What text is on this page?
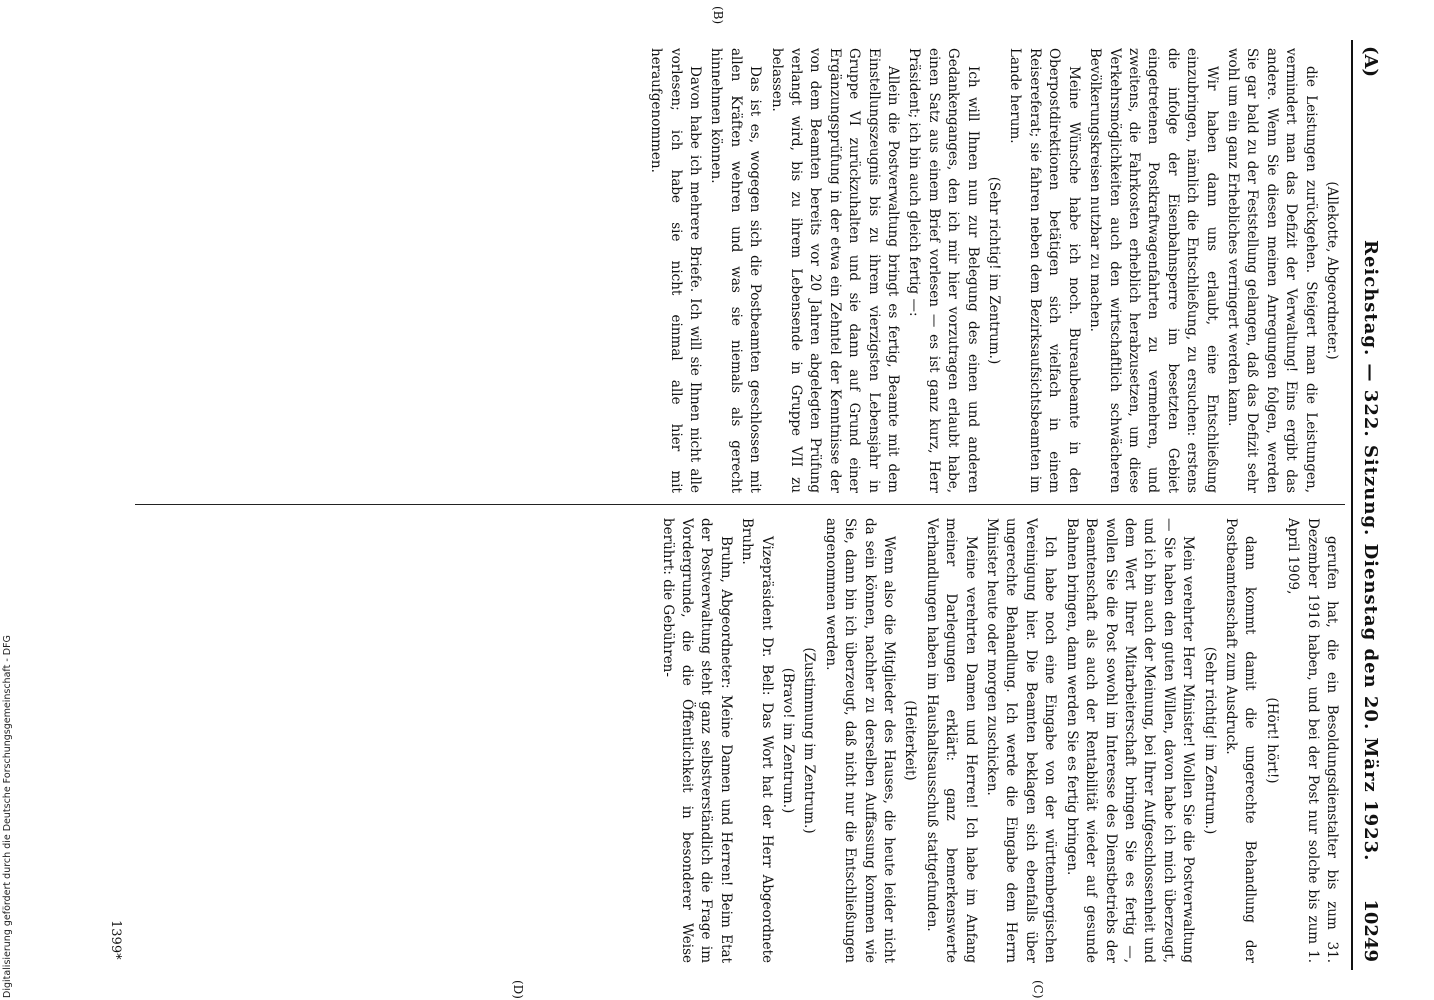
(A)
Reichstag. — 322. Sitzung. Dienstag den 20. März 1923.
10249

(Allekotte, Abgeordneter.)

die Leistungen zurückgehen. Steigert man die Leistungen, vermindert man das Defizit der Verwaltung! Eins ergibt das andere. Wenn Sie diesen meinen Anregungen folgen, werden Sie gar bald zu der Feststellung gelangen, daß das Defizit sehr wohl um ein ganz Erhebliches verringert werden kann.

Wir haben dann uns erlaubt, eine Entschließung einzubringen, nämlich die Entschließung, zu ersuchen: erstens die infolge der Eisenbahnsperre im besetzten Gebiet eingetretenen Postkraftwagenfahrten zu vermehren, und zweitens, die Fahrkosten erheblich herabzusetzen, um diese Verkehrsmöglichkeiten auch den wirtschaftlich schwächeren Bevölkerungskreisen nutzbar zu machen.

Meine Wünsche habe ich noch. Bureaubeamte in den Oberpostdirektionen betätigen sich vielfach in einem Reisereferat; sie fahren neben dem Bezirksaufsichtsbeamten im Lande herum.

(Sehr richtig! im Zentrum.)

Ich will Ihnen nun zur Belegung des einen und anderen Gedankenganges, den ich mir hier vorzutragen erlaubt habe, einen Satz aus einem Brief vorlesen — es ist ganz kurz, Herr Präsident; ich bin auch gleich fertig —:

Allein die Postverwaltung bringt es fertig, Beamte mit dem Einstellungszeugnis bis zu ihrem vierzigsten Lebensjahr in Gruppe VI zurückzuhalten und sie dann auf Grund einer Ergänzungsprüfung in der etwa ein Zehntel der Kenntnisse der von dem Beamten bereits vor 20 Jahren abgelegten Prüfung verlangt wird, bis zu ihrem Lebensende in Gruppe VII zu belassen.

Das ist es, wogegen sich die Postbeamten geschlossen mit allen Kräften wehren und was sie niemals als gerecht hinnehmen können.

Davon habe ich mehrere Briefe. Ich will sie Ihnen nicht alle vorlesen; ich habe sie nicht einmal alle hier mit heraufgenommen.

gerufen hat, die ein Besoldungsdienstalter bis zum 31. Dezember 1916 haben, und bei der Post nur solche bis zum 1. April 1909,

(Hört! hört!)

dann kommt damit die ungerechte Behandlung der Postbeamtenschaft zum Ausdruck.

(Sehr richtig! im Zentrum.)

Mein verehrter Herr Minister! Wollen Sie die Postverwaltung — Sie haben den guten Willen, davon habe ich mich überzeugt, und ich bin auch der Meinung, bei Ihrer Aufgeschlossenheit und dem Wert Ihrer Mitarbeiterschaft bringen Sie es fertig —, wollen Sie die Post sowohl im Interesse des Dienstbetriebs der Beamtenschaft als auch der Rentabilität wieder auf gesunde Bahnen bringen, dann werden Sie es fertig bringen.

Ich habe noch eine Eingabe von der württembergischen Vereinigung hier. Die Beamten beklagen sich ebenfalls über ungerechte Behandlung. Ich werde die Eingabe dem Herrn Minister heute oder morgen zuschicken.

Meine verehrten Damen und Herren! Ich habe im Anfang meiner Darlegungen erklärt: ganz bemerkenswerte Verhandlungen haben im Haushaltsausschuß stattgefunden.

(Heiterkeit)

Wenn also die Mitglieder des Hauses, die heute leider nicht da sein können, nachher zu derselben Auffassung kommen wie Sie, dann bin ich überzeugt, daß nicht nur die Entschließungen angenommen werden.

(Zustimmung im Zentrum.)

(Bravo! im Zentrum.)

Vizepräsident Dr. Bell: Das Wort hat der Herr Abgeordnete Bruhn.

Bruhn, Abgeordneter: Meine Damen und Herren! Beim Etat der Postverwaltung steht ganz selbstverständlich die Frage im Vordergrunde, die die Öffentlichkeit in besonderer Weise berührt: die Gebühren-

(C)
(D)
(B)
1399*
Digitalisierung gefördert durch die Deutsche Forschungsgemeinschaft - DFG
